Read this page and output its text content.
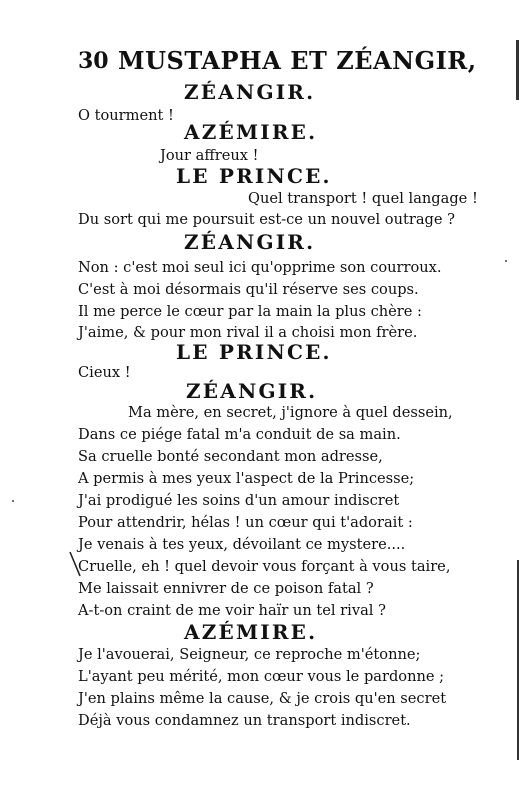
30 MUSTAPHA ET ZÉANGIR,
ZÉANGIR.
O tourment !
AZÉMIRE.
Jour affreux !
LE PRINCE.
Quel transport ! quel langage !
Du sort qui me poursuit est-ce un nouvel outrage ?
ZÉANGIR.
Non : c'est moi seul ici qu'opprime son courroux.
C'est à moi désormais qu'il réserve ses coups.
Il me perce le cœur par la main la plus chère :
J'aime, & pour mon rival il a choisi mon frère.
LE PRINCE.
Cieux !
ZÉANGIR.
Ma mère, en secret, j'ignore à quel dessein,
Dans ce piége fatal m'a conduit de sa main.
Sa cruelle bonté secondant mon adresse,
A permis à mes yeux l'aspect de la Princesse;
J'ai prodigué les soins d'un amour indiscret
Pour attendrir, hélas ! un cœur qui t'adorait :
Je venais à tes yeux, dévoilant ce mystere....
Cruelle, eh ! quel devoir vous forçant à vous taire,
Me laissait ennivrer de ce poison fatal ?
A-t-on craint de me voir haïr un tel rival ?
AZÉMIRE.
Je l'avouerai, Seigneur, ce reproche m'étonne;
L'ayant peu mérité, mon cœur vous le pardonne ;
J'en plains même la cause, & je crois qu'en secret
Déjà vous condamnez un transport indiscret.
